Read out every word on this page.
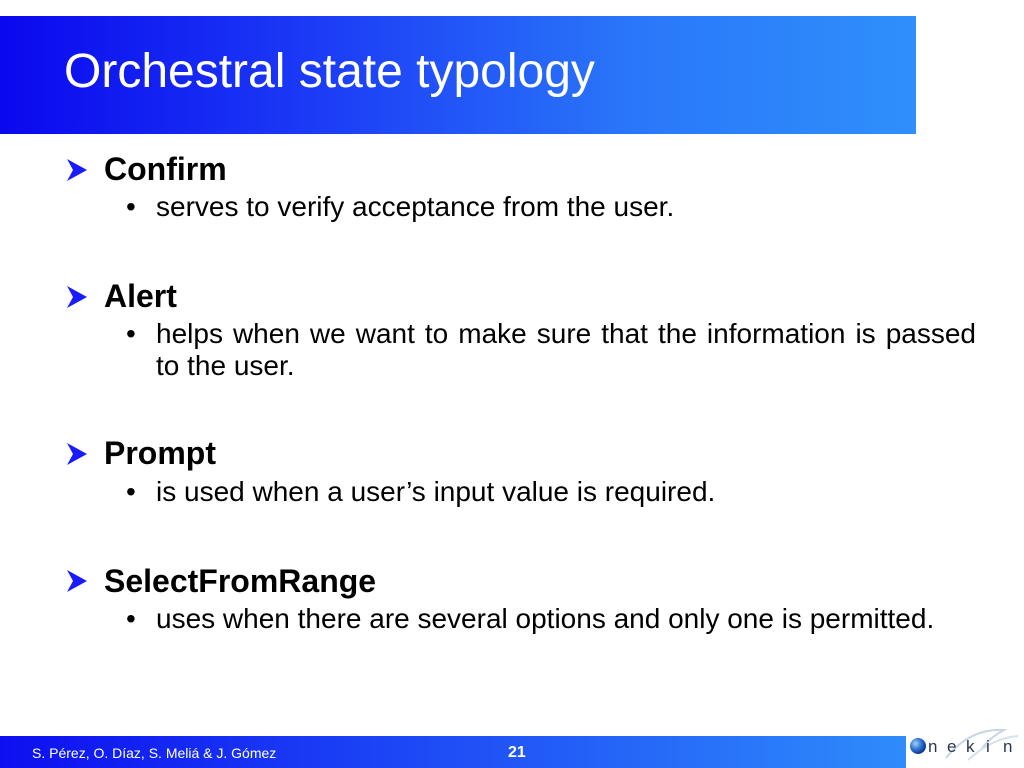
Orchestral state typology
Confirm
• serves to verify acceptance from the user.
Alert
• helps when we want to make sure that the information is passed to the user.
Prompt
• is used when a user’s input value is required.
SelectFromRange
• uses when there are several options and only one is permitted.
S. Pérez, O. Díaz, S. Meliá & J. Gómez	21	n e k i n
